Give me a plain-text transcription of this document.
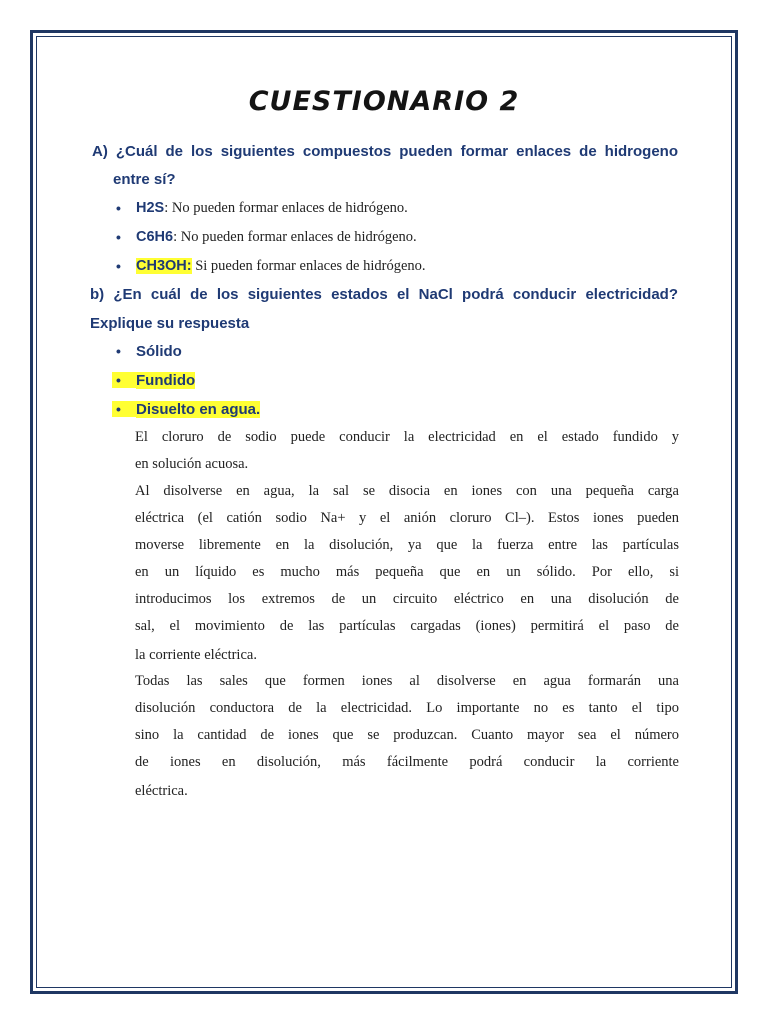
CUESTIONARIO 2
A) ¿Cuál de los siguientes compuestos pueden formar enlaces de hidrogeno
entre sí?
• H2S: No pueden formar enlaces de hidrógeno.
• C6H6: No pueden formar enlaces de hidrógeno.
• CH3OH: Si pueden formar enlaces de hidrógeno.
b) ¿En cuál de los siguientes estados el NaCl podrá conducir electricidad?
Explique su respuesta
• Sólido
•	Fundido
•	Disuelto en agua.
El cloruro de sodio puede conducir la electricidad en el estado fundido y
en solución acuosa.
Al disolverse en agua, la sal se disocia en iones con una pequeña carga
eléctrica (el catión sodio Na+ y el anión cloruro Cl–). Estos iones pueden
moverse libremente en la disolución, ya que la fuerza entre las partículas
en un líquido es mucho más pequeña que en un sólido. Por ello, si
introducimos los extremos de un circuito eléctrico en una disolución de
sal, el movimiento de las partículas cargadas (iones) permitirá el paso de
la corriente eléctrica.
Todas las sales que formen iones al disolverse en agua formarán una
disolución conductora de la electricidad. Lo importante no es tanto el tipo
sino la cantidad de iones que se produzcan. Cuanto mayor sea el número
de iones en disolución, más fácilmente podrá conducir la corriente
eléctrica.
